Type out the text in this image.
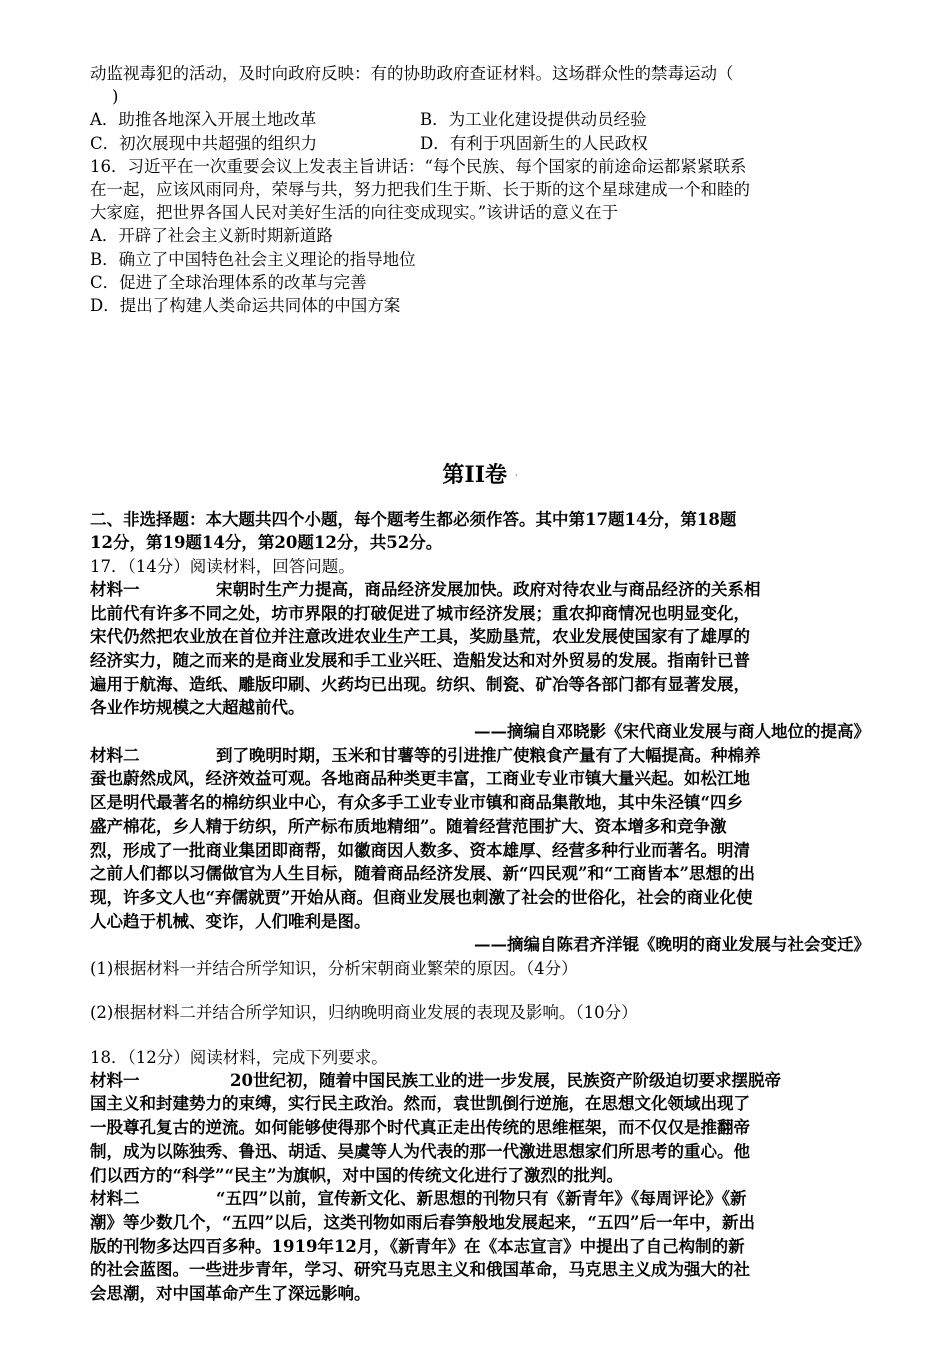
动监视毒犯的活动，及时向政府反映：有的协助政府查证材料。这场群众性的禁毒运动（
)
A．助推各地深入开展土地改革	B．为工业化建设提供动员经验
C．初次展现中共超强的组织力	D．有利于巩固新生的人民政权
16．习近平在一次重要会议上发表主旨讲话：“每个民族、每个国家的前途命运都紧紧联系
在一起，应该风雨同舟，荣辱与共，努力把我们生于斯、长于斯的这个星球建成一个和睦的
大家庭，把世界各国人民对美好生活的向往变成现实。”该讲话的意义在于
A．开辟了社会主义新时期新道路
B．确立了中国特色社会主义理论的指导地位
C．促进了全球治理体系的改革与完善
D．提出了构建人类命运共同体的中国方案
第II卷 ·
二、非选择题：本大题共四个小题，每个题考生都必须作答。其中第17题14分，第18题
12分，第19题14分，第20题12分，共52分。
17．（14分）阅读材料，回答问题。
材料一	宋朝时生产力提高，商品经济发展加快。政府对待农业与商品经济的关系相
比前代有许多不同之处，坊市界限的打破促进了城市经济发展；重农抑商情况也明显变化，
宋代仍然把农业放在首位并注意改进农业生产工具，奖励垦荒，农业发展使国家有了雄厚的
经济实力，随之而来的是商业发展和手工业兴旺、造船发达和对外贸易的发展。指南针已普
遍用于航海、造纸、雕版印刷、火药均已出现。纺织、制瓷、矿冶等各部门都有显著发展，
各业作坊规模之大超越前代。
——摘编自邓晓影《宋代商业发展与商人地位的提高》
材料二	到了晚明时期，玉米和甘薯等的引进推广使粮食产量有了大幅提高。种棉养
蚕也蔚然成风，经济效益可观。各地商品种类更丰富，工商业专业市镇大量兴起。如松江地
区是明代最著名的棉纺织业中心，有众多手工业专业市镇和商品集散地，其中朱泾镇“四乡
盛产棉花，乡人精于纺织，所产标布质地精细”。随着经营范围扩大、资本增多和竞争激
烈，形成了一批商业集团即商帮，如徽商因人数多、资本雄厚、经营多种行业而著名。明清
之前人们都以习儒做官为人生目标，随着商品经济发展、新“四民观”和“工商皆本”思想的出
现，许多文人也“弃儒就贾”开始从商。但商业发展也刺激了社会的世俗化，社会的商业化使
人心趋于机械、变诈，人们唯利是图。
——摘编自陈君齐洋锟《晚明的商业发展与社会变迁》
(1)根据材料一并结合所学知识，分析宋朝商业繁荣的原因。（4分）
(2)根据材料二并结合所学知识，归纳晚明商业发展的表现及影响。（10分）
18．（12分）阅读材料，完成下列要求。
材料一	20世纪初，随着中国民族工业的进一步发展，民族资产阶级迫切要求摆脱帝
国主义和封建势力的束缚，实行民主政治。然而，袁世凯倒行逆施，在思想文化领域出现了
一股尊孔复古的逆流。如何能够使得那个时代真正走出传统的思维框架，而不仅仅是推翻帝
制，成为以陈独秀、鲁迅、胡适、吴虞等人为代表的那一代激进思想家们所思考的重心。他
们以西方的“科学”“民主”为旗帜，对中国的传统文化进行了激烈的批判。
材料二	“五四”以前，宣传新文化、新思想的刊物只有《新青年》《每周评论》《新
潮》等少数几个，“五四”以后，这类刊物如雨后春笋般地发展起来，“五四”后一年中，新出
版的刊物多达四百多种。1919年12月，《新青年》在《本志宣言》中提出了自己构制的新
的社会蓝图。一些进步青年，学习、研究马克思主义和俄国革命，马克思主义成为强大的社
会思潮，对中国革命产生了深远影响。
